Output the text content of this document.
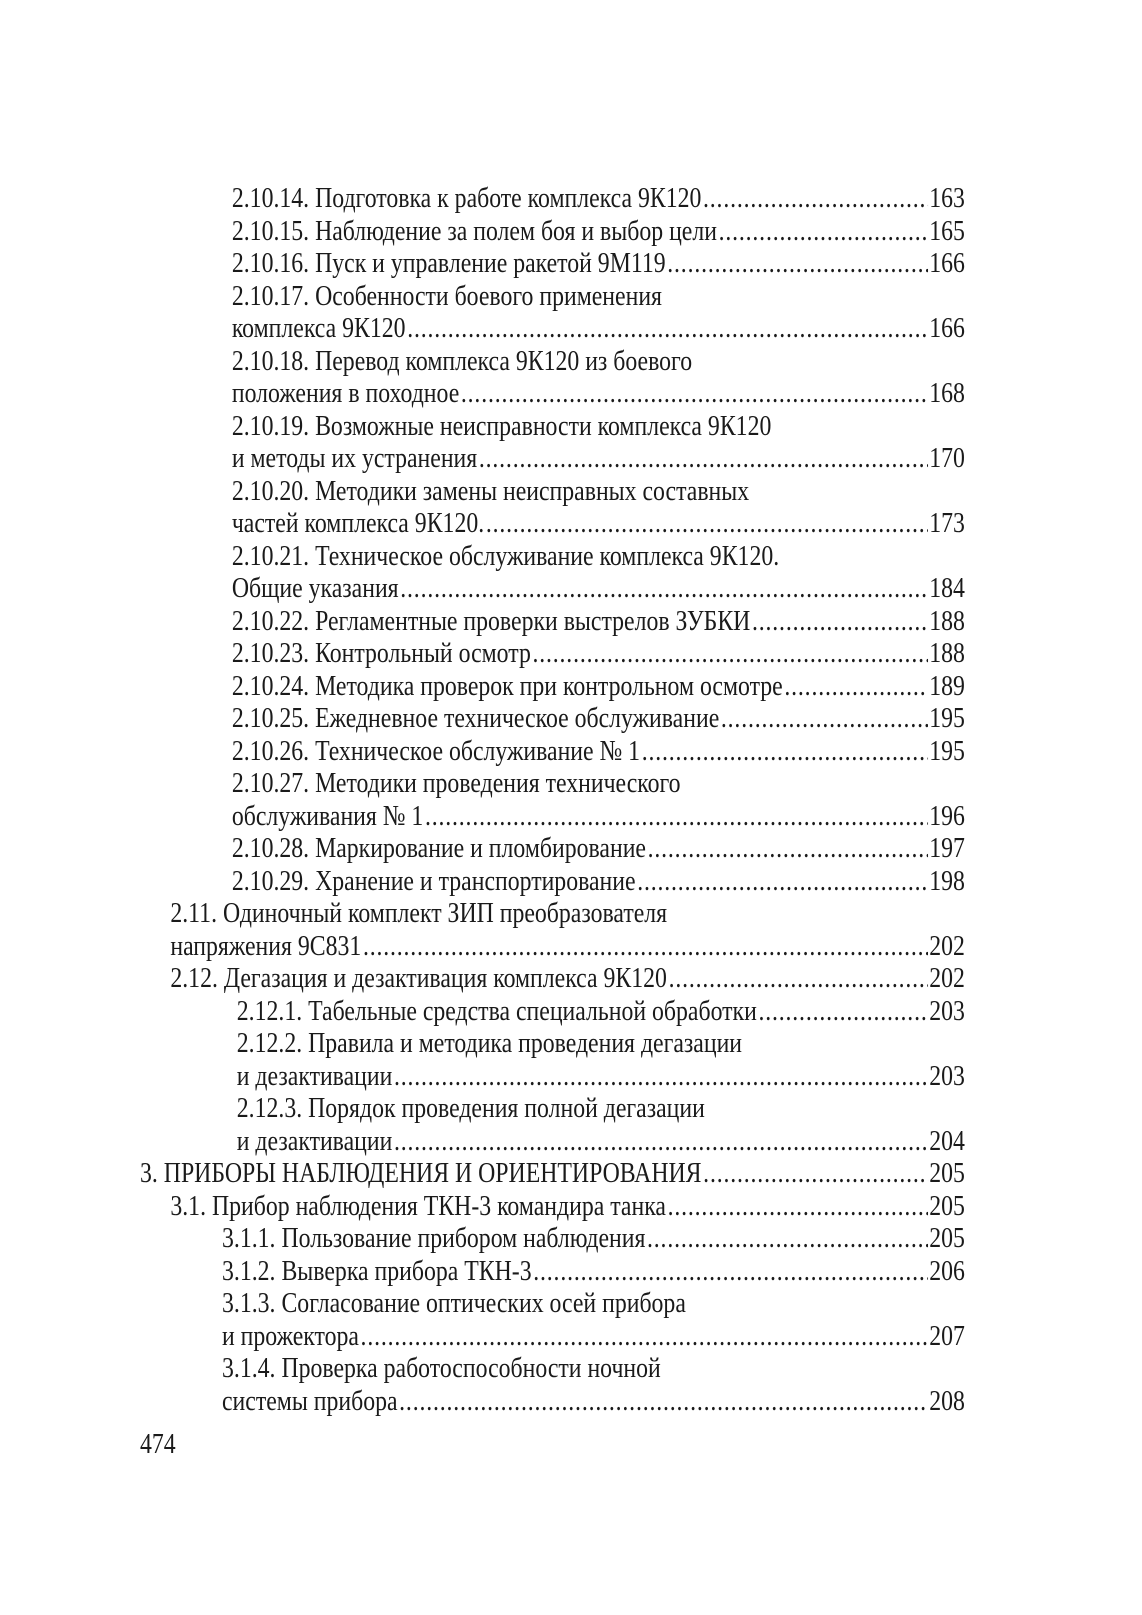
2.10.14. Подготовка к работе комплекса 9К120 .....	163
2.10.15. Наблюдение за полем боя и выбор цели .....	165
2.10.16. Пуск и управление ракетой 9М119 .....	166
2.10.17. Особенности боевого применения
комплекса 9К120 .....	166
2.10.18. Перевод комплекса 9К120 из боевого
положения в походное .....	168
2.10.19. Возможные неисправности комплекса 9К120
и методы их устранения .....	170
2.10.20. Методики замены неисправных составных
частей комплекса 9К120. .....	173
2.10.21. Техническое обслуживание комплекса 9К120.
Общие указания .....	184
2.10.22. Регламентные проверки выстрелов ЗУБКИ .....	188
2.10.23. Контрольный осмотр .....	188
2.10.24. Методика проверок при контрольном осмотре .....	189
2.10.25. Ежедневное техническое обслуживание .....	195
2.10.26. Техническое обслуживание № 1 .....	195
2.10.27. Методики проведения технического
обслуживания № 1 .....	196
2.10.28. Маркирование и пломбирование .....	197
2.10.29. Хранение и транспортирование .....	198
2.11. Одиночный комплект ЗИП преобразователя
напряжения 9С831 .....	202
2.12. Дегазация и дезактивация комплекса 9К120 .....	202
2.12.1. Табельные средства специальной обработки .....	203
2.12.2. Правила и методика проведения дегазации
и дезактивации .....	203
2.12.3. Порядок проведения полной дегазации
и дезактивации .....	204
3. ПРИБОРЫ НАБЛЮДЕНИЯ И ОРИЕНТИРОВАНИЯ .....	205
3.1. Прибор наблюдения ТКН-3 командира танка .....	205
3.1.1. Пользование прибором наблюдения .....	205
3.1.2. Выверка прибора ТКН-3 .....	206
3.1.3. Согласование оптических осей прибора
и прожектора .....	207
3.1.4. Проверка работоспособности ночной
системы прибора .....	208
474
